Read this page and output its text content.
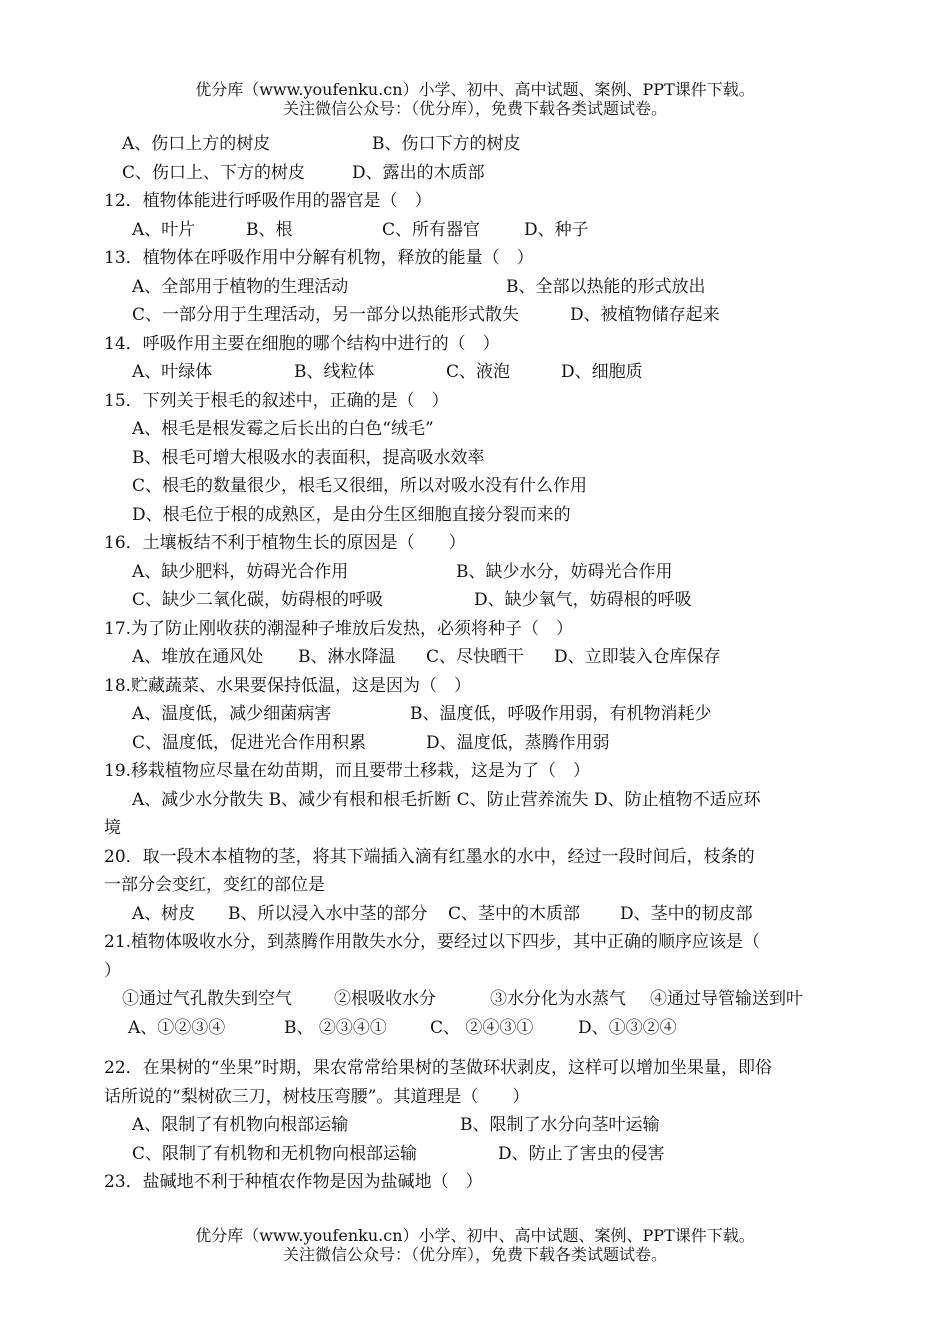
优分库（www.youfenku.cn）小学、初中、高中试题、案例、PPT课件下载。
关注微信公众号：（优分库），免费下载各类试题试卷。
A、伤口上方的树皮	B、伤口下方的树皮
C、伤口上、下方的树皮	D、露出的木质部
12．植物体能进行呼吸作用的器官是（　）
A、叶片	B、根	C、所有器官	D、种子
13．植物体在呼吸作用中分解有机物，释放的能量（　）
A、全部用于植物的生理活动	B、全部以热能的形式放出
C、一部分用于生理活动，另一部分以热能形式散失	D、被植物储存起来
14．呼吸作用主要在细胞的哪个结构中进行的（　）
A、叶绿体	B、线粒体	C、液泡	D、细胞质
15．下列关于根毛的叙述中，正确的是（　）
A、根毛是根发霉之后长出的白色“绒毛”
B、根毛可增大根吸水的表面积，提高吸水效率
C、根毛的数量很少，根毛又很细，所以对吸水没有什么作用
D、根毛位于根的成熟区，是由分生区细胞直接分裂而来的
16．土壤板结不利于植物生长的原因是（　　）
A、缺少肥料，妨碍光合作用	B、缺少水分，妨碍光合作用
C、缺少二氧化碳，妨碍根的呼吸	D、缺少氧气，妨碍根的呼吸
17.为了防止刚收获的潮湿种子堆放后发热，必须将种子（　）
A、堆放在通风处 B、淋水降温 C、尽快晒干 D、立即装入仓库保存
18.贮藏蔬菜、水果要保持低温，这是因为（　）
A、温度低，减少细菌病害	B、温度低，呼吸作用弱，有机物消耗少
C、温度低，促进光合作用积累	D、温度低，蒸腾作用弱
19.移栽植物应尽量在幼苗期，而且要带土移栽，这是为了（　）
A、减少水分散失 B、减少有根和根毛折断 C、防止营养流失 D、防止植物不适应环
境
20．取一段木本植物的茎，将其下端插入滴有红墨水的水中，经过一段时间后，枝条的
一部分会变红，变红的部位是
A、树皮 B、所以浸入水中茎的部分 C、茎中的木质部 D、茎中的韧皮部
21.植物体吸收水分，到蒸腾作用散失水分，要经过以下四步，其中正确的顺序应该是（
）
①通过气孔散失到空气 ②根吸收水分	③水分化为水蒸气 ④通过导管输送到叶
A、①②③④	B、 ②③④①	C、 ②④③①	D、①③②④
22．在果树的“坐果”时期，果农常常给果树的茎做环状剥皮，这样可以增加坐果量，即俗
话所说的“梨树砍三刀，树枝压弯腰”。其道理是（　　）
A、限制了有机物向根部运输	B、限制了水分向茎叶运输
C、限制了有机物和无机物向根部运输	D、防止了害虫的侵害
23．盐碱地不利于种植农作物是因为盐碱地（　）
优分库（www.youfenku.cn）小学、初中、高中试题、案例、PPT课件下载。
关注微信公众号：（优分库），免费下载各类试题试卷。
